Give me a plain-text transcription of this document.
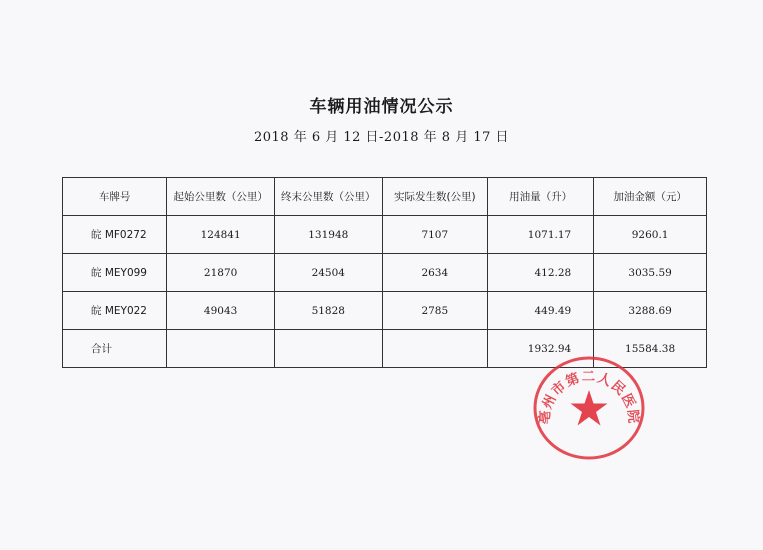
车辆用油情况公示
2018 年 6 月 12 日-2018 年 8 月 17 日
车牌号	起始公里数（公里）	终末公里数（公里）	实际发生数(公里)	用油量（升）	加油金额（元）
皖 MF0272	124841	131948	7107	1071.17	9260.1
皖 MEY099	21870	24504	2634	412.28	3035.59
皖 MEY022	49043	51828	2785	449.49	3288.69
合计				1932.94	15584.38
亳州市第二人民医院
